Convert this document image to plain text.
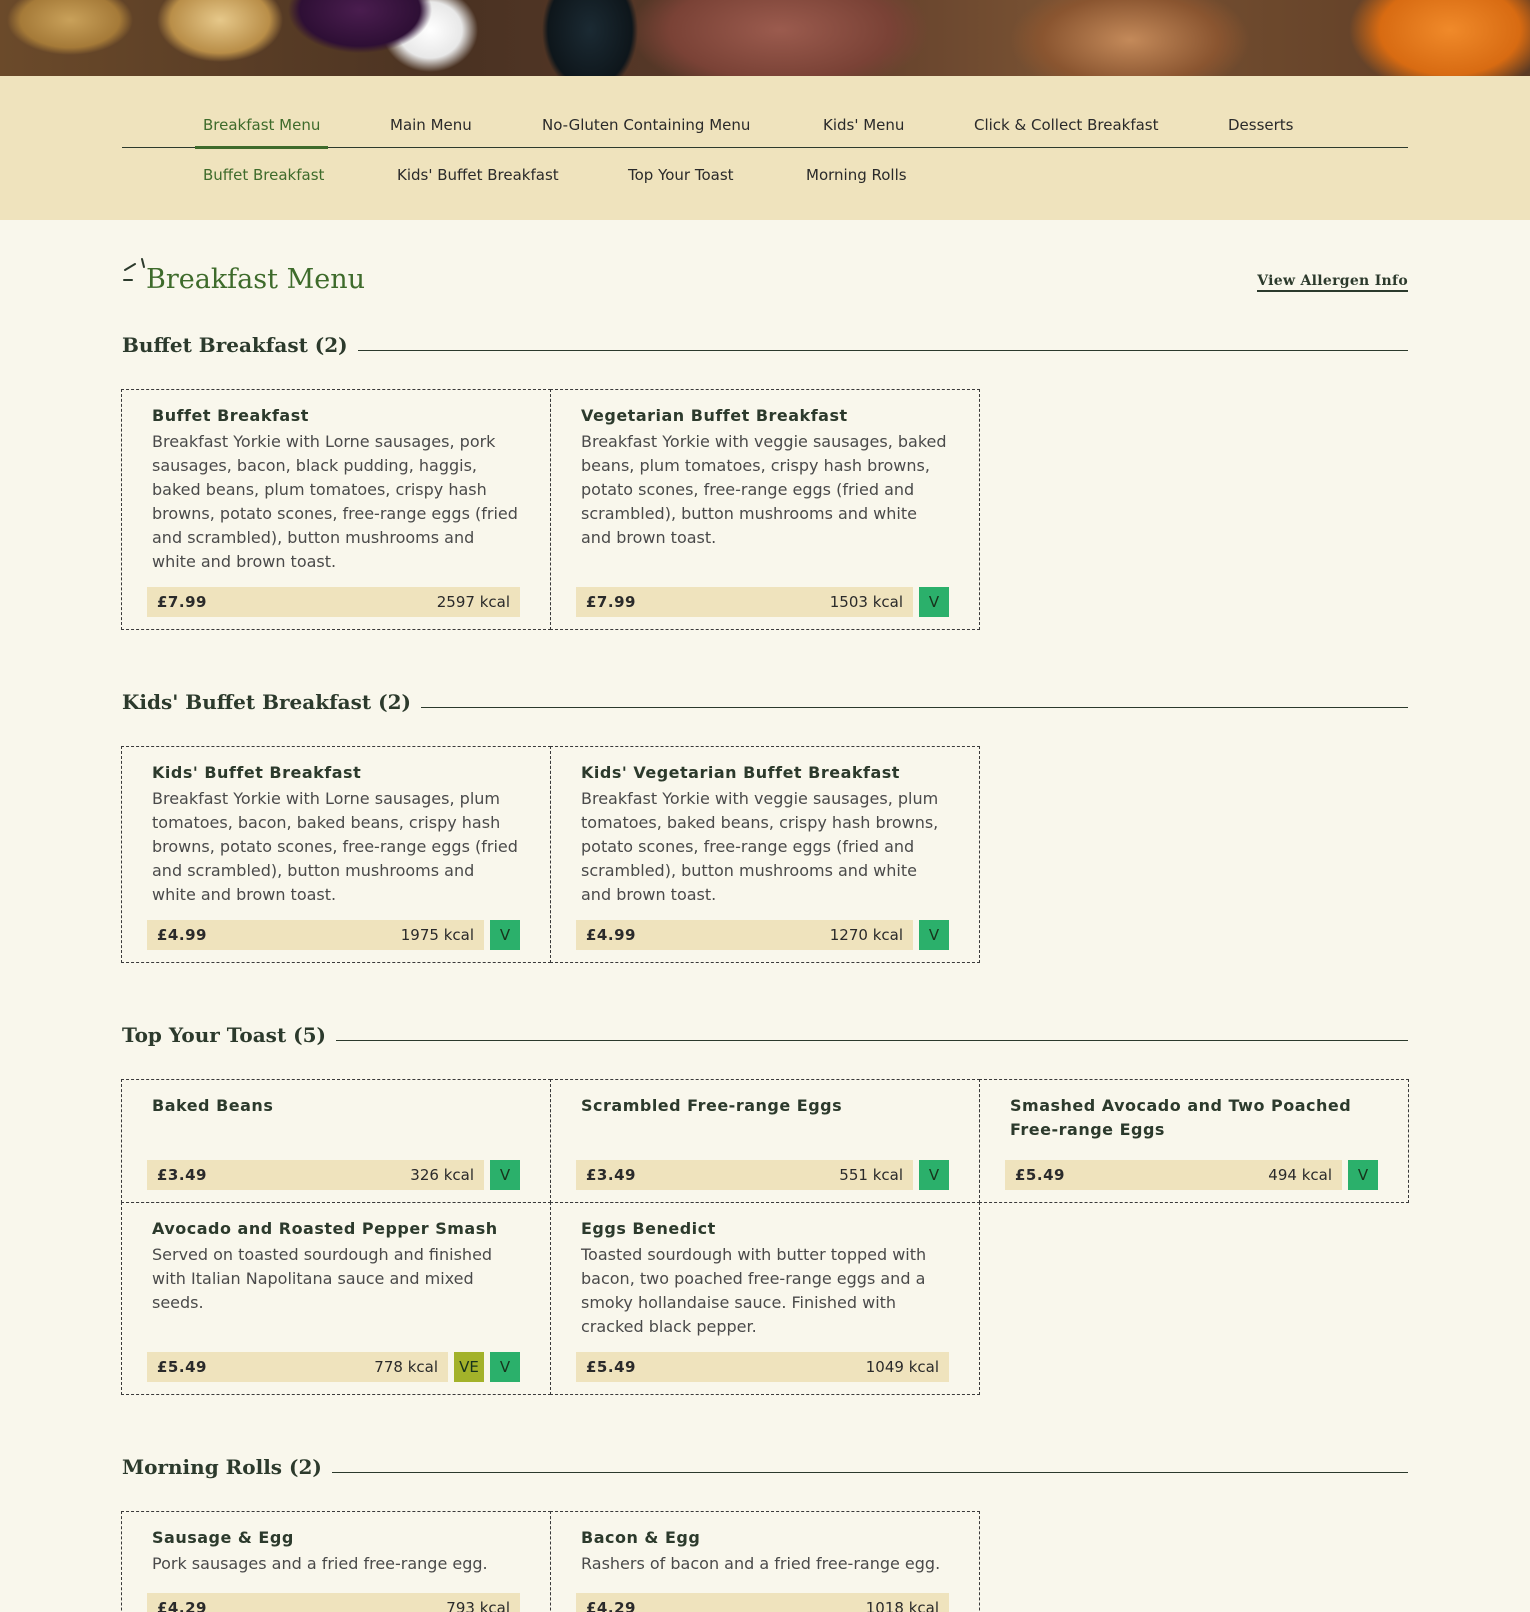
Breakfast Menu	Main Menu	No-Gluten Containing Menu	Kids' Menu	Click & Collect Breakfast	Desserts
Buffet Breakfast	Kids' Buffet Breakfast	Top Your Toast	Morning Rolls
Breakfast Menu	View Allergen Info
Buffet Breakfast (2)
Buffet Breakfast
Breakfast Yorkie with Lorne sausages, pork sausages, bacon, black pudding, haggis, baked beans, plum tomatoes, crispy hash browns, potato scones, free-range eggs (fried and scrambled), button mushrooms and white and brown toast.
£7.99	2597 kcal
Vegetarian Buffet Breakfast
Breakfast Yorkie with veggie sausages, baked beans, plum tomatoes, crispy hash browns, potato scones, free-range eggs (fried and scrambled), button mushrooms and white and brown toast.
£7.99	1503 kcal	V
Kids' Buffet Breakfast (2)
Kids' Buffet Breakfast
Breakfast Yorkie with Lorne sausages, plum tomatoes, bacon, baked beans, crispy hash browns, potato scones, free-range eggs (fried and scrambled), button mushrooms and white and brown toast.
£4.99	1975 kcal	V
Kids' Vegetarian Buffet Breakfast
Breakfast Yorkie with veggie sausages, plum tomatoes, baked beans, crispy hash browns, potato scones, free-range eggs (fried and scrambled), button mushrooms and white and brown toast.
£4.99	1270 kcal	V
Top Your Toast (5)
Baked Beans
£3.49	326 kcal	V
Scrambled Free-range Eggs
£3.49	551 kcal	V
Smashed Avocado and Two Poached Free-range Eggs
£5.49	494 kcal	V
Avocado and Roasted Pepper Smash
Served on toasted sourdough and finished with Italian Napolitana sauce and mixed seeds.
£5.49	778 kcal	VE	V
Eggs Benedict
Toasted sourdough with butter topped with bacon, two poached free-range eggs and a smoky hollandaise sauce. Finished with cracked black pepper.
£5.49	1049 kcal
Morning Rolls (2)
Sausage & Egg
Pork sausages and a fried free-range egg.
£4.29	793 kcal
Bacon & Egg
Rashers of bacon and a fried free-range egg.
£4.29	1018 kcal
